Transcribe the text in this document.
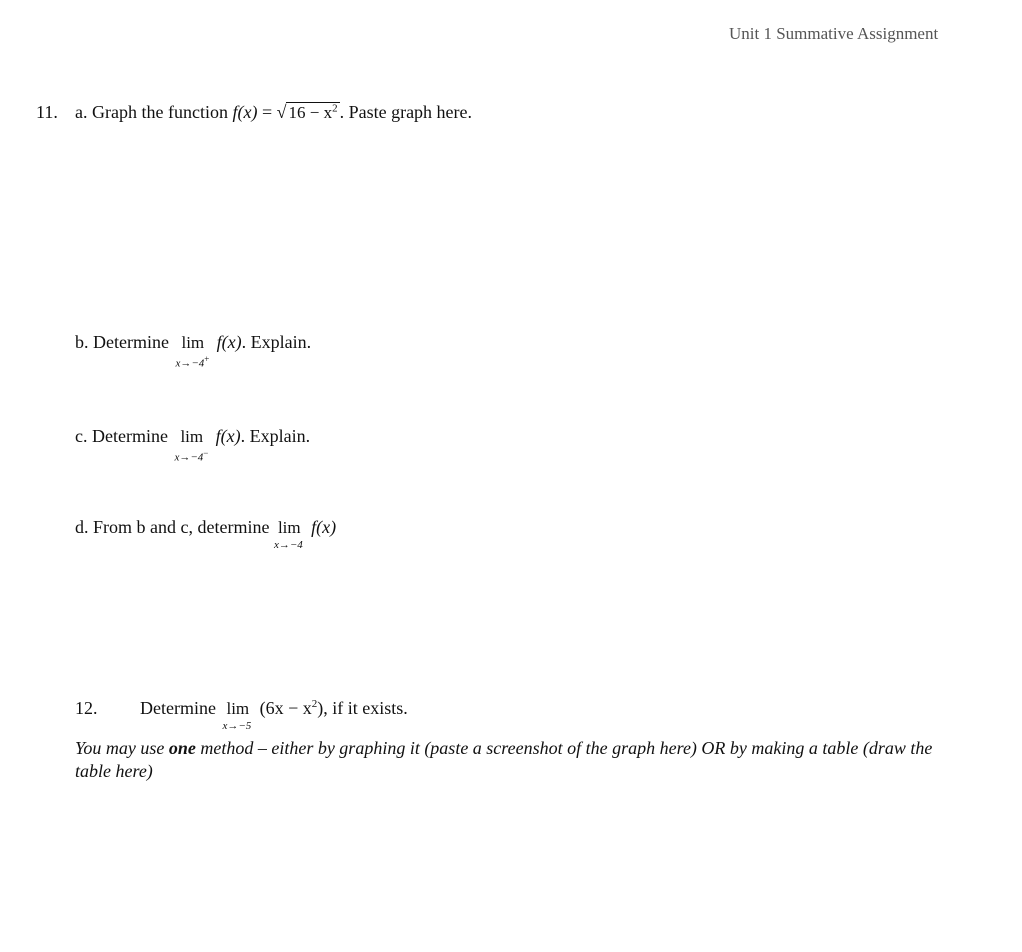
Unit 1 Summative Assignment
11. a. Graph the function f(x) = √ $16 - x^2$ . Paste graph here.
b. Determine lim
x→−4+
f(x). Explain.
c. Determine lim
x→−4−
f(x). Explain.
d. From b and c, determine lim
x→−4
f(x)
12. Determine lim
x→−5
$(6x - x^2)$, if it exists.
You may use one method – either by graphing it (paste a screenshot of the graph here) OR by making a table (draw the table here)
